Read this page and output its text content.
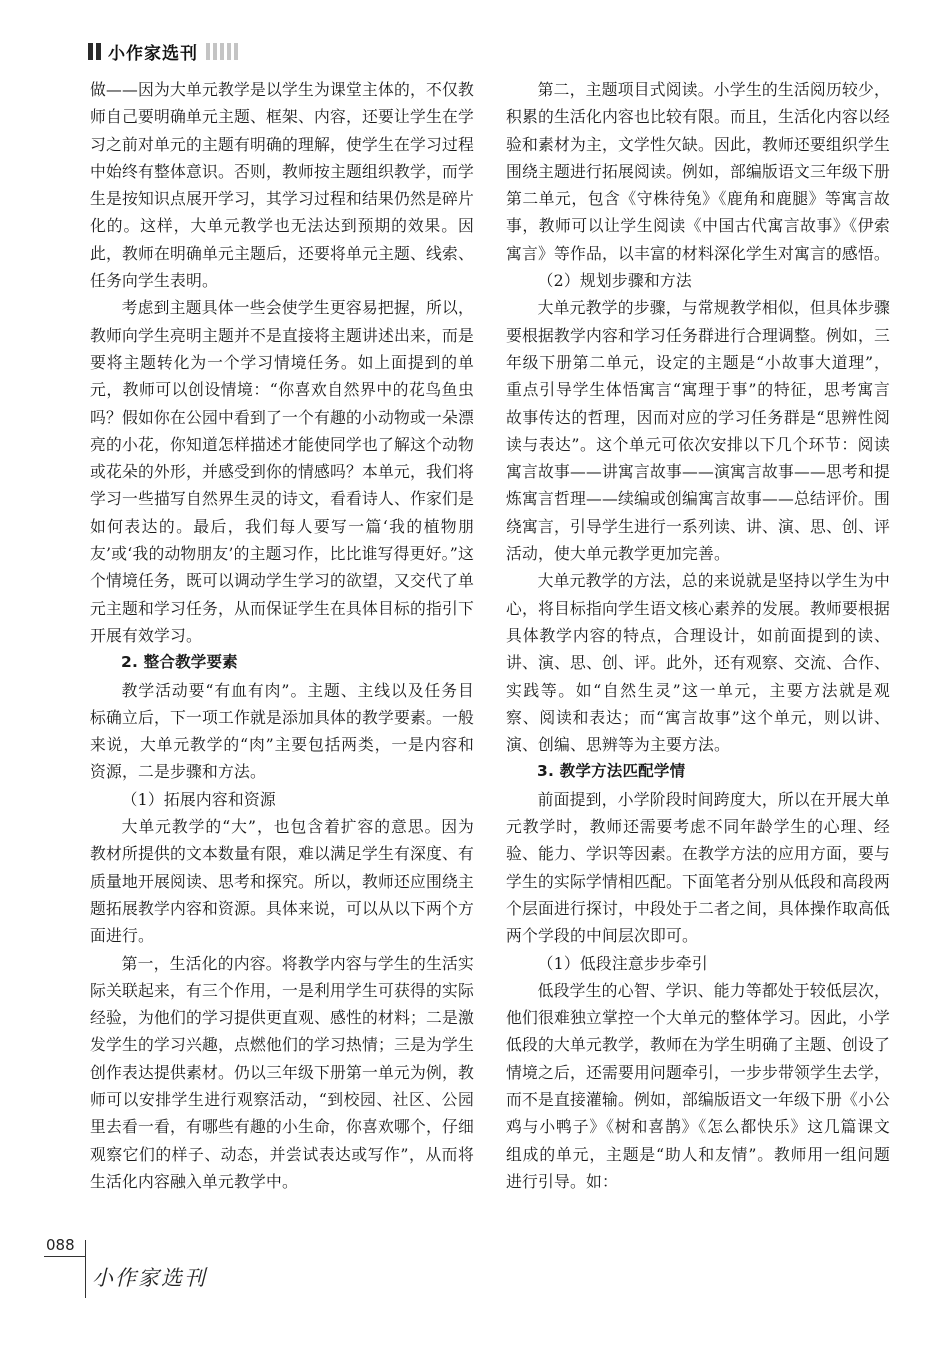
小作家选刊

做——因为大单元教学是以学生为课堂主体的，不仅教师自己要明确单元主题、框架、内容，还要让学生在学习之前对单元的主题有明确的理解，使学生在学习过程中始终有整体意识。否则，教师按主题组织教学，而学生是按知识点展开学习，其学习过程和结果仍然是碎片化的。这样，大单元教学也无法达到预期的效果。因此，教师在明确单元主题后，还要将单元主题、线索、任务向学生表明。

考虑到主题具体一些会使学生更容易把握，所以，教师向学生亮明主题并不是直接将主题讲述出来，而是要将主题转化为一个学习情境任务。如上面提到的单元，教师可以创设情境：“你喜欢自然界中的花鸟鱼虫吗？假如你在公园中看到了一个有趣的小动物或一朵漂亮的小花，你知道怎样描述才能使同学也了解这个动物或花朵的外形，并感受到你的情感吗？本单元，我们将学习一些描写自然界生灵的诗文，看看诗人、作家们是如何表达的。最后，我们每人要写一篇‘我的植物朋友’或‘我的动物朋友’的主题习作，比比谁写得更好。”这个情境任务，既可以调动学生学习的欲望，又交代了单元主题和学习任务，从而保证学生在具体目标的指引下开展有效学习。

2. 整合教学要素

教学活动要“有血有肉”。主题、主线以及任务目标确立后，下一项工作就是添加具体的教学要素。一般来说，大单元教学的“肉”主要包括两类，一是内容和资源，二是步骤和方法。

（1）拓展内容和资源

大单元教学的“大”，也包含着扩容的意思。因为教材所提供的文本数量有限，难以满足学生有深度、有质量地开展阅读、思考和探究。所以，教师还应围绕主题拓展教学内容和资源。具体来说，可以从以下两个方面进行。

第一，生活化的内容。将教学内容与学生的生活实际关联起来，有三个作用，一是利用学生可获得的实际经验，为他们的学习提供更直观、感性的材料；二是激发学生的学习兴趣，点燃他们的学习热情；三是为学生创作表达提供素材。仍以三年级下册第一单元为例，教师可以安排学生进行观察活动，“到校园、社区、公园里去看一看，有哪些有趣的小生命，你喜欢哪个，仔细观察它们的样子、动态，并尝试表达或写作”，从而将生活化内容融入单元教学中。

第二，主题项目式阅读。小学生的生活阅历较少，积累的生活化内容也比较有限。而且，生活化内容以经验和素材为主，文学性欠缺。因此，教师还要组织学生围绕主题进行拓展阅读。例如，部编版语文三年级下册第二单元，包含《守株待兔》《鹿角和鹿腿》等寓言故事，教师可以让学生阅读《中国古代寓言故事》《伊索寓言》等作品，以丰富的材料深化学生对寓言的感悟。

（2）规划步骤和方法

大单元教学的步骤，与常规教学相似，但具体步骤要根据教学内容和学习任务群进行合理调整。例如，三年级下册第二单元，设定的主题是“小故事大道理”，重点引导学生体悟寓言“寓理于事”的特征，思考寓言故事传达的哲理，因而对应的学习任务群是“思辨性阅读与表达”。这个单元可依次安排以下几个环节：阅读寓言故事——讲寓言故事——演寓言故事——思考和提炼寓言哲理——续编或创编寓言故事——总结评价。围绕寓言，引导学生进行一系列读、讲、演、思、创、评活动，使大单元教学更加完善。

大单元教学的方法，总的来说就是坚持以学生为中心，将目标指向学生语文核心素养的发展。教师要根据具体教学内容的特点，合理设计，如前面提到的读、讲、演、思、创、评。此外，还有观察、交流、合作、实践等。如“自然生灵”这一单元，主要方法就是观察、阅读和表达；而“寓言故事”这个单元，则以讲、演、创编、思辨等为主要方法。

3. 教学方法匹配学情

前面提到，小学阶段时间跨度大，所以在开展大单元教学时，教师还需要考虑不同年龄学生的心理、经验、能力、学识等因素。在教学方法的应用方面，要与学生的实际学情相匹配。下面笔者分别从低段和高段两个层面进行探讨，中段处于二者之间，具体操作取高低两个学段的中间层次即可。

（1）低段注意步步牵引

低段学生的心智、学识、能力等都处于较低层次，他们很难独立掌控一个大单元的整体学习。因此，小学低段的大单元教学，教师在为学生明确了主题、创设了情境之后，还需要用问题牵引，一步步带领学生去学，而不是直接灌输。例如，部编版语文一年级下册《小公鸡与小鸭子》《树和喜鹊》《怎么都快乐》这几篇课文组成的单元，主题是“助人和友情”。教师用一组问题进行引导。如：

088
小作家选刊
